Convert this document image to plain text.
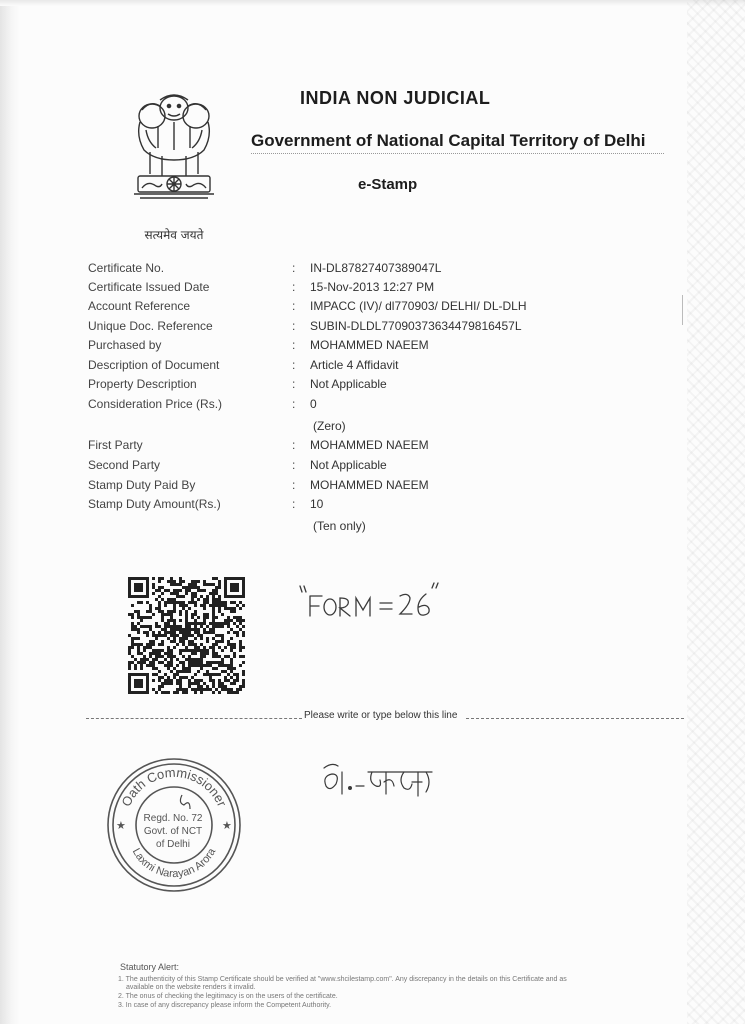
सत्यमेव जयते
INDIA NON JUDICIAL
Government of National Capital Territory of Delhi
e-Stamp
Certificate No.	: IN-DL87827407389047L
Certificate Issued Date	: 15-Nov-2013 12:27 PM
Account Reference	: IMPACC (IV)/ dl770903/ DELHI/ DL-DLH
Unique Doc. Reference	: SUBIN-DLDL77090373634479816457L
Purchased by	: MOHAMMED NAEEM
Description of Document	: Article 4 Affidavit
Property Description	: Not Applicable
Consideration Price (Rs.)	: 0
(Zero)
First Party	: MOHAMMED NAEEM
Second Party	: Not Applicable
Stamp Duty Paid By	: MOHAMMED NAEEM
Stamp Duty Amount(Rs.)	: 10
(Ten only)
Please write or type below this line
Oath Commissioner
Laxmi Narayan Arora
★	★
Regd. No. 72
Govt. of NCT
of Delhi
Statutory Alert:
1. The authenticity of this Stamp Certificate should be verified at "www.shcilestamp.com". Any discrepancy in the details on this Certificate and as
available on the website renders it invalid.
2. The onus of checking the legitimacy is on the users of the certificate.
3. In case of any discrepancy please inform the Competent Authority.
